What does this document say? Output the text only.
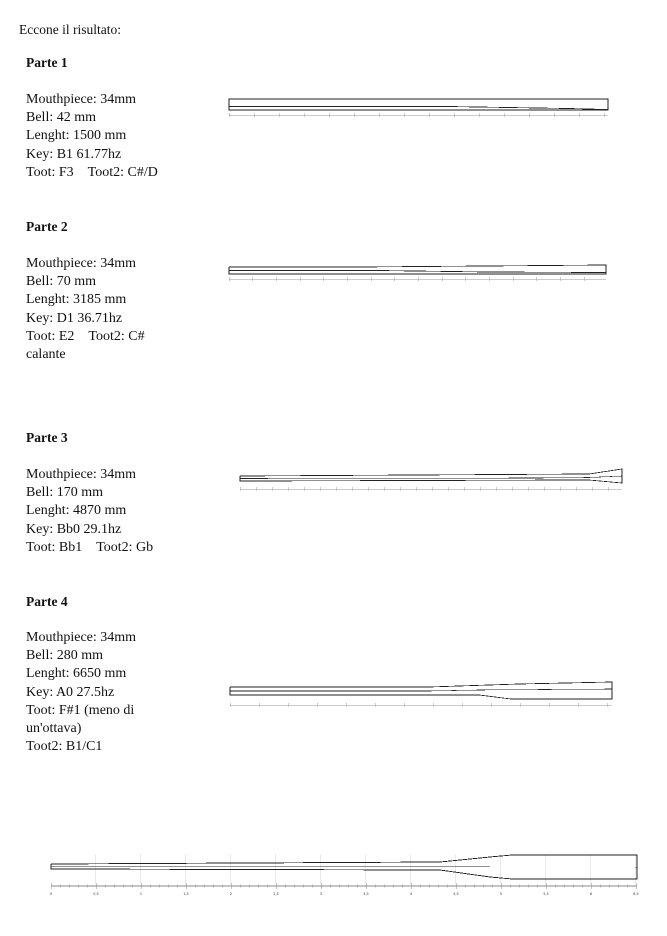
Eccone il risultato:
Parte 1
Mouthpiece: 34mm
Bell: 42 mm
Lenght: 1500 mm
Key: B1 61.77hz
Toot: F3 Toot2: C#/D
Parte 2
Mouthpiece: 34mm
Bell: 70 mm
Lenght: 3185 mm
Key: D1 36.71hz
Toot: E2 Toot2: C#
calante
Parte 3
Mouthpiece: 34mm
Bell: 170 mm
Lenght: 4870 mm
Key: Bb0 29.1hz
Toot: Bb1 Toot2: Gb
Parte 4
Mouthpiece: 34mm
Bell: 280 mm
Lenght: 6650 mm
Key: A0 27.5hz
Toot: F#1 (meno di
un'ottava)
Toot2: B1/C1
0	0,5	1	1,5	2	2,5	3	3,5	4	4,5	5	5,5	6	6,5
